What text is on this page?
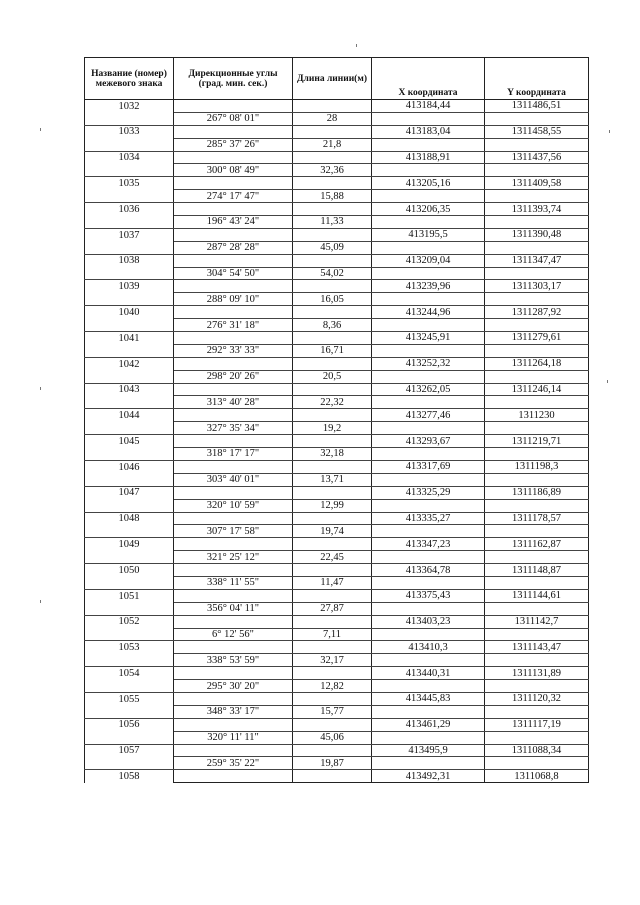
Название (номер) межевого знака	Дирекционные углы (град. мин. сек.)	Длина линии(м)	X координата	Y координата
1032			413184,44	1311486,51
	267° 08' 01"	28		
1033			413183,04	1311458,55
	285° 37' 26"	21,8		
1034			413188,91	1311437,56
	300° 08' 49"	32,36		
1035			413205,16	1311409,58
	274° 17' 47"	15,88		
1036			413206,35	1311393,74
	196° 43' 24"	11,33		
1037			413195,5	1311390,48
	287° 28' 28"	45,09		
1038			413209,04	1311347,47
	304° 54' 50"	54,02		
1039			413239,96	1311303,17
	288° 09' 10"	16,05		
1040			413244,96	1311287,92
	276° 31' 18"	8,36		
1041			413245,91	1311279,61
	292° 33' 33"	16,71		
1042			413252,32	1311264,18
	298° 20' 26"	20,5		
1043			413262,05	1311246,14
	313° 40' 28"	22,32		
1044			413277,46	1311230
	327° 35' 34"	19,2		
1045			413293,67	1311219,71
	318° 17' 17"	32,18		
1046			413317,69	1311198,3
	303° 40' 01"	13,71		
1047			413325,29	1311186,89
	320° 10' 59"	12,99		
1048			413335,27	1311178,57
	307° 17' 58"	19,74		
1049			413347,23	1311162,87
	321° 25' 12"	22,45		
1050			413364,78	1311148,87
	338° 11' 55"	11,47		
1051			413375,43	1311144,61
	356° 04' 11"	27,87		
1052			413403,23	1311142,7
	6° 12' 56"	7,11		
1053			413410,3	1311143,47
	338° 53' 59"	32,17		
1054			413440,31	1311131,89
	295° 30' 20"	12,82		
1055			413445,83	1311120,32
	348° 33' 17"	15,77		
1056			413461,29	1311117,19
	320° 11' 11"	45,06		
1057			413495,9	1311088,34
	259° 35' 22"	19,87		
1058			413492,31	1311068,8
